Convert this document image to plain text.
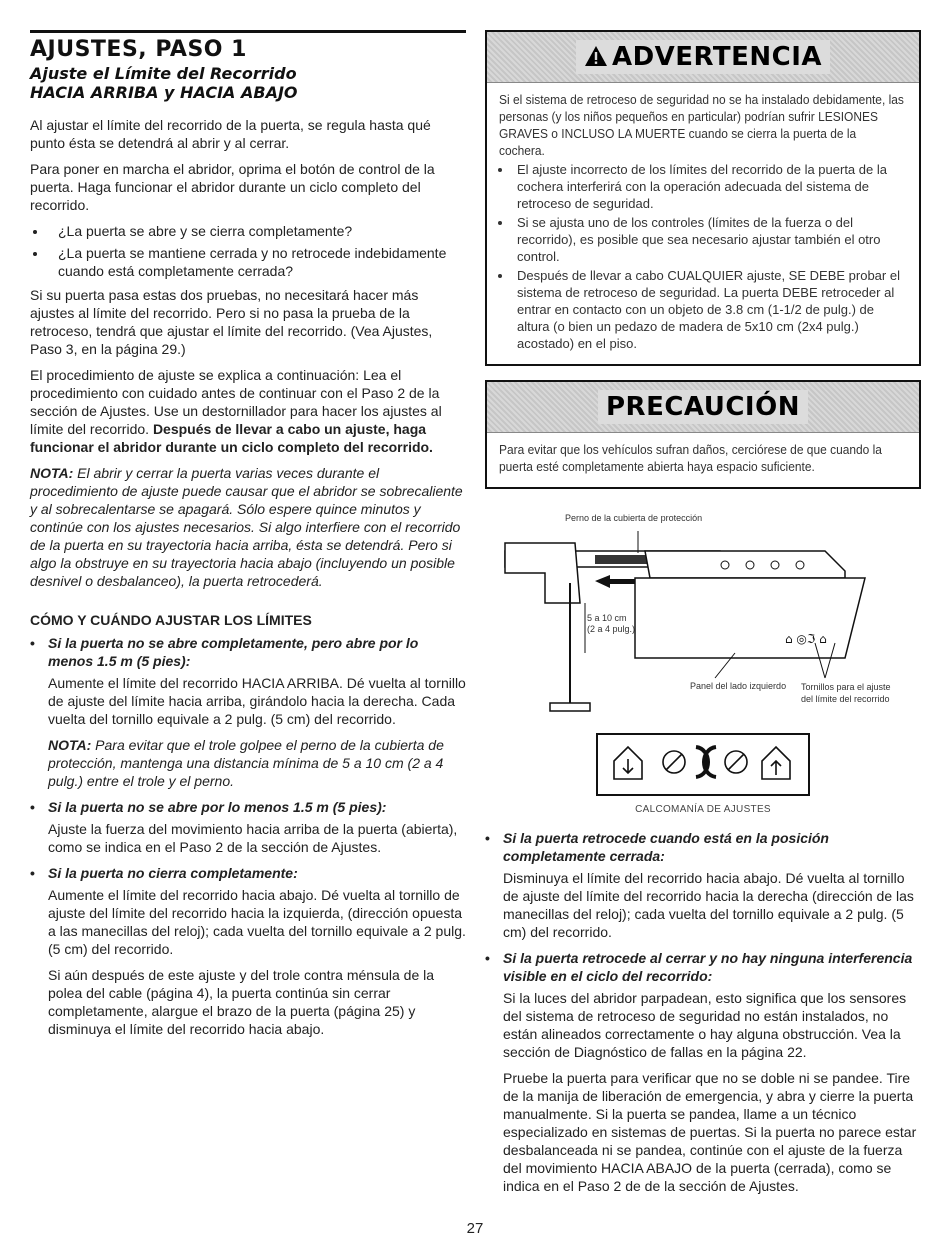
AJUSTES, PASO 1
Ajuste el Límite del Recorrido
HACIA ARRIBA y HACIA ABAJO

Al ajustar el límite del recorrido de la puerta, se regula hasta qué punto ésta se detendrá al abrir y al cerrar.

Para poner en marcha el abridor, oprima el botón de control de la puerta. Haga funcionar el abridor durante un ciclo completo del recorrido.

• ¿La puerta se abre y se cierra completamente?
• ¿La puerta se mantiene cerrada y no retrocede indebidamente cuando está completamente cerrada?

Si su puerta pasa estas dos pruebas, no necesitará hacer más ajustes al límite del recorrido. Pero si no pasa la prueba de la retroceso, tendrá que ajustar el límite del recorrido. (Vea Ajustes, Paso 3, en la página 29.)

El procedimiento de ajuste se explica a continuación: Lea el procedimiento con cuidado antes de continuar con el Paso 2 de la sección de Ajustes. Use un destornillador para hacer los ajustes al límite del recorrido. Después de llevar a cabo un ajuste, haga funcionar el abridor durante un ciclo completo del recorrido.

NOTA: El abrir y cerrar la puerta varias veces durante el procedimiento de ajuste puede causar que el abridor se sobrecaliente y al sobrecalentarse se apagará. Sólo espere quince minutos y continúe con los ajustes necesarios. Si algo interfiere con el recorrido de la puerta en su trayectoria hacia arriba, ésta se detendrá. Pero si algo la obstruye en su trayectoria hacia abajo (incluyendo un posible desnivel o desbalanceo), la puerta retrocederá.

CÓMO Y CUÁNDO AJUSTAR LOS LÍMITES
• Si la puerta no se abre completamente, pero abre por lo menos 1.5 m (5 pies):

Aumente el límite del recorrido HACIA ARRIBA. Dé vuelta al tornillo de ajuste del límite hacia arriba, girándolo hacia la derecha. Cada vuelta del tornillo equivale a 2 pulg. (5 cm) del recorrido.

NOTA: Para evitar que el trole golpee el perno de la cubierta de protección, mantenga una distancia mínima de 5 a 10 cm (2 a 4 pulg.) entre el trole y el perno.

• Si la puerta no se abre por lo menos 1.5 m (5 pies):

Ajuste la fuerza del movimiento hacia arriba de la puerta (abierta), como se indica en el Paso 2 de la sección de Ajustes.

• Si la puerta no cierra completamente:

Aumente el límite del recorrido hacia abajo. Dé vuelta al tornillo de ajuste del límite del recorrido hacia la izquierda, (dirección opuesta a las manecillas del reloj); cada vuelta del tornillo equivale a 2 pulg. (5 cm) del recorrido.

Si aún después de este ajuste y del trole contra ménsula de la polea del cable (página 4), la puerta continúa sin cerrar completamente, alargue el brazo de la puerta (página 25) y disminuya el límite del recorrido hacia abajo.

ADVERTENCIA

Si el sistema de retroceso de seguridad no se ha instalado debidamente, las personas (y los niños pequeños en particular) podrían sufrir LESIONES GRAVES o INCLUSO LA MUERTE cuando se cierra la puerta de la cochera.

• El ajuste incorrecto de los límites del recorrido de la puerta de la cochera interferirá con la operación adecuada del sistema de retroceso de seguridad.
• Si se ajusta uno de los controles (límites de la fuerza o del recorrido), es posible que sea necesario ajustar también el otro control.
• Después de llevar a cabo CUALQUIER ajuste, SE DEBE probar el sistema de retroceso de seguridad. La puerta DEBE retroceder al entrar en contacto con un objeto de 3.8 cm (1-1/2 de pulg.) de altura (o bien un pedazo de madera de 5x10 cm (2x4 pulg.) acostado) en el piso.
PRECAUCIÓN

Para evitar que los vehículos sufran daños, cerciórese de que cuando la puerta esté completamente abierta haya espacio suficiente.

⌂ ◎ℑ ⌂
Perno de la cubierta de protección
5 a 10 cm
(2 a 4 pulg.)
Panel del lado izquierdo Tornillos para el ajuste
del límite del recorrido
CALCOMANÍA DE AJUSTES
• Si la puerta retrocede cuando está en la posición completamente cerrada:

Disminuya el límite del recorrido hacia abajo. Dé vuelta al tornillo de ajuste del límite del recorrido hacia la derecha (dirección de las manecillas del reloj); cada vuelta del tornillo equivale a 2 pulg. (5 cm) del recorrido.

• Si la puerta retrocede al cerrar y no hay ninguna interferencia visible en el ciclo del recorrido:

Si la luces del abridor parpadean, esto significa que los sensores del sistema de retroceso de seguridad no están instalados, no están alineados correctamente o hay alguna obstrucción. Vea la sección de Diagnóstico de fallas en la página 22.

Pruebe la puerta para verificar que no se doble ni se pandee. Tire de la manija de liberación de emergencia, y abra y cierre la puerta manualmente. Si la puerta se pandea, llame a un técnico especializado en sistemas de puertas. Si la puerta no parece estar desbalanceada ni se pandea, continúe con el ajuste de la fuerza del movimiento HACIA ABAJO de la puerta (cerrada), como se indica en el Paso 2 de de la sección de Ajustes.

27
